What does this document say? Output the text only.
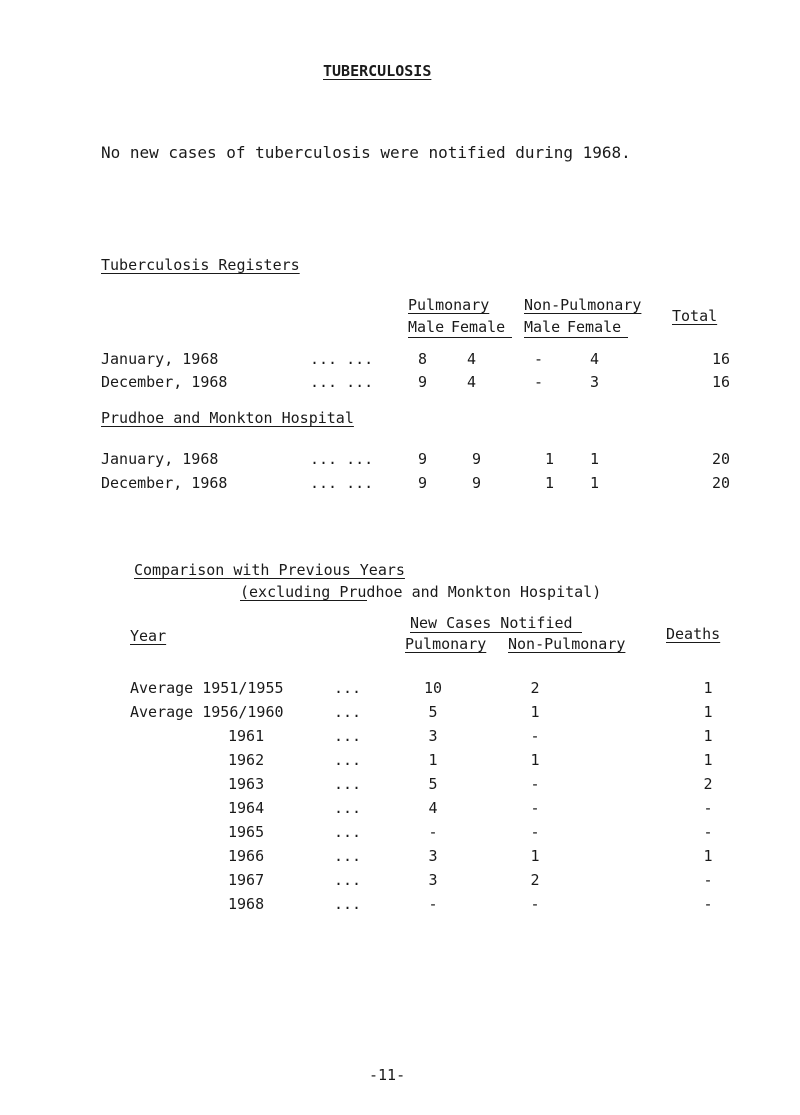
TUBERCULOSIS
No new cases of tuberculosis were notified during 1968.
Tuberculosis Registers
Pulmonary Non-Pulmonary
Male Female Male Female
Total
January, 1968	... ...	8	4	-	4	16
December, 1968	... ...	9	4	-	3	16
Prudhoe and Monkton Hospital
January, 1968	... ...	9	9	1 1	20
December, 1968	... ...	9	9	1 1	20
Comparison with Previous Years
(excluding Prudhoe and Monkton Hospital)
Year
New Cases Notified
Pulmonary Non-Pulmonary
Deaths
Average 1951/1955	...	10	2	1
Average 1956/1960	...	5	1	1
1961	...	3	-	1
1962	...	1	1	1
1963	...	5	-	2
1964	...	4	-	-
1965	...	-	-	-
1966	...	3	1	1
1967	...	3	2	-
1968	...	-	-	-
-11-
